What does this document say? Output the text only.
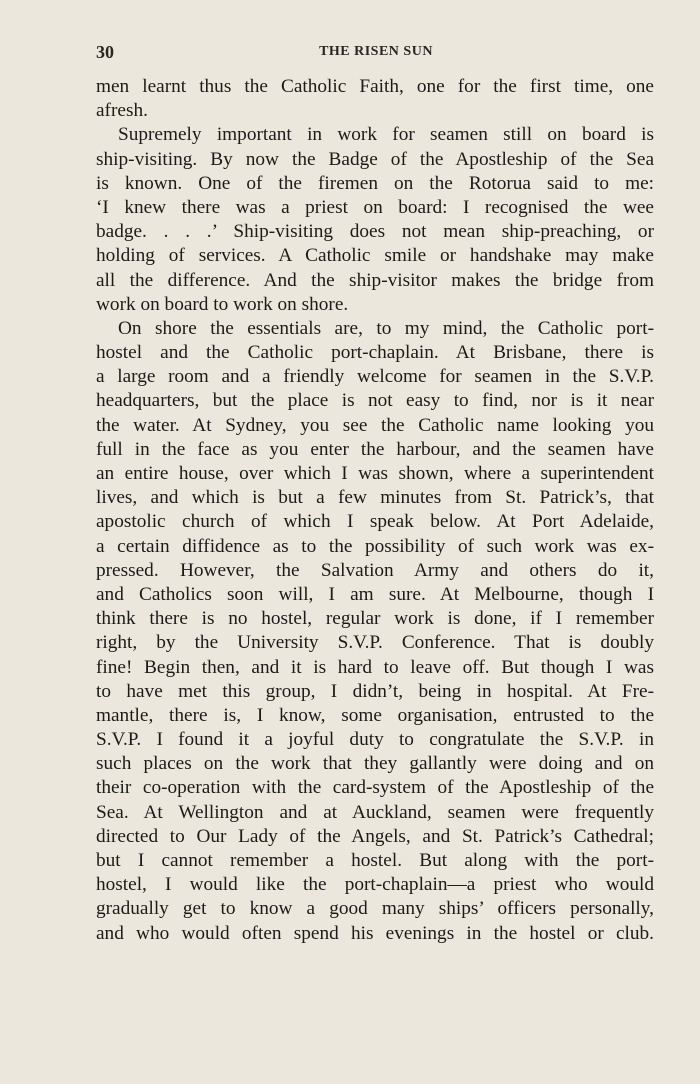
30	THE RISEN SUN
men learnt thus the Catholic Faith, one for the first time, one
afresh.
Supremely important in work for seamen still on board is
ship-visiting. By now the Badge of the Apostleship of the Sea
is known. One of the firemen on the Rotorua said to me:
‘I knew there was a priest on board: I recognised the wee
badge. . . .’ Ship-visiting does not mean ship-preaching, or
holding of services. A Catholic smile or handshake may make
all the difference. And the ship-visitor makes the bridge from
work on board to work on shore.
On shore the essentials are, to my mind, the Catholic port-
hostel and the Catholic port-chaplain. At Brisbane, there is
a large room and a friendly welcome for seamen in the S.V.P.
headquarters, but the place is not easy to find, nor is it near
the water. At Sydney, you see the Catholic name looking you
full in the face as you enter the harbour, and the seamen have
an entire house, over which I was shown, where a superintendent
lives, and which is but a few minutes from St. Patrick’s, that
apostolic church of which I speak below. At Port Adelaide,
a certain diffidence as to the possibility of such work was ex-
pressed. However, the Salvation Army and others do it,
and Catholics soon will, I am sure. At Melbourne, though I
think there is no hostel, regular work is done, if I remember
right, by the University S.V.P. Conference. That is doubly
fine! Begin then, and it is hard to leave off. But though I was
to have met this group, I didn’t, being in hospital. At Fre-
mantle, there is, I know, some organisation, entrusted to the
S.V.P. I found it a joyful duty to congratulate the S.V.P. in
such places on the work that they gallantly were doing and on
their co-operation with the card-system of the Apostleship of the
Sea. At Wellington and at Auckland, seamen were frequently
directed to Our Lady of the Angels, and St. Patrick’s Cathedral;
but I cannot remember a hostel. But along with the port-
hostel, I would like the port-chaplain—a priest who would
gradually get to know a good many ships’ officers personally,
and who would often spend his evenings in the hostel or club.
